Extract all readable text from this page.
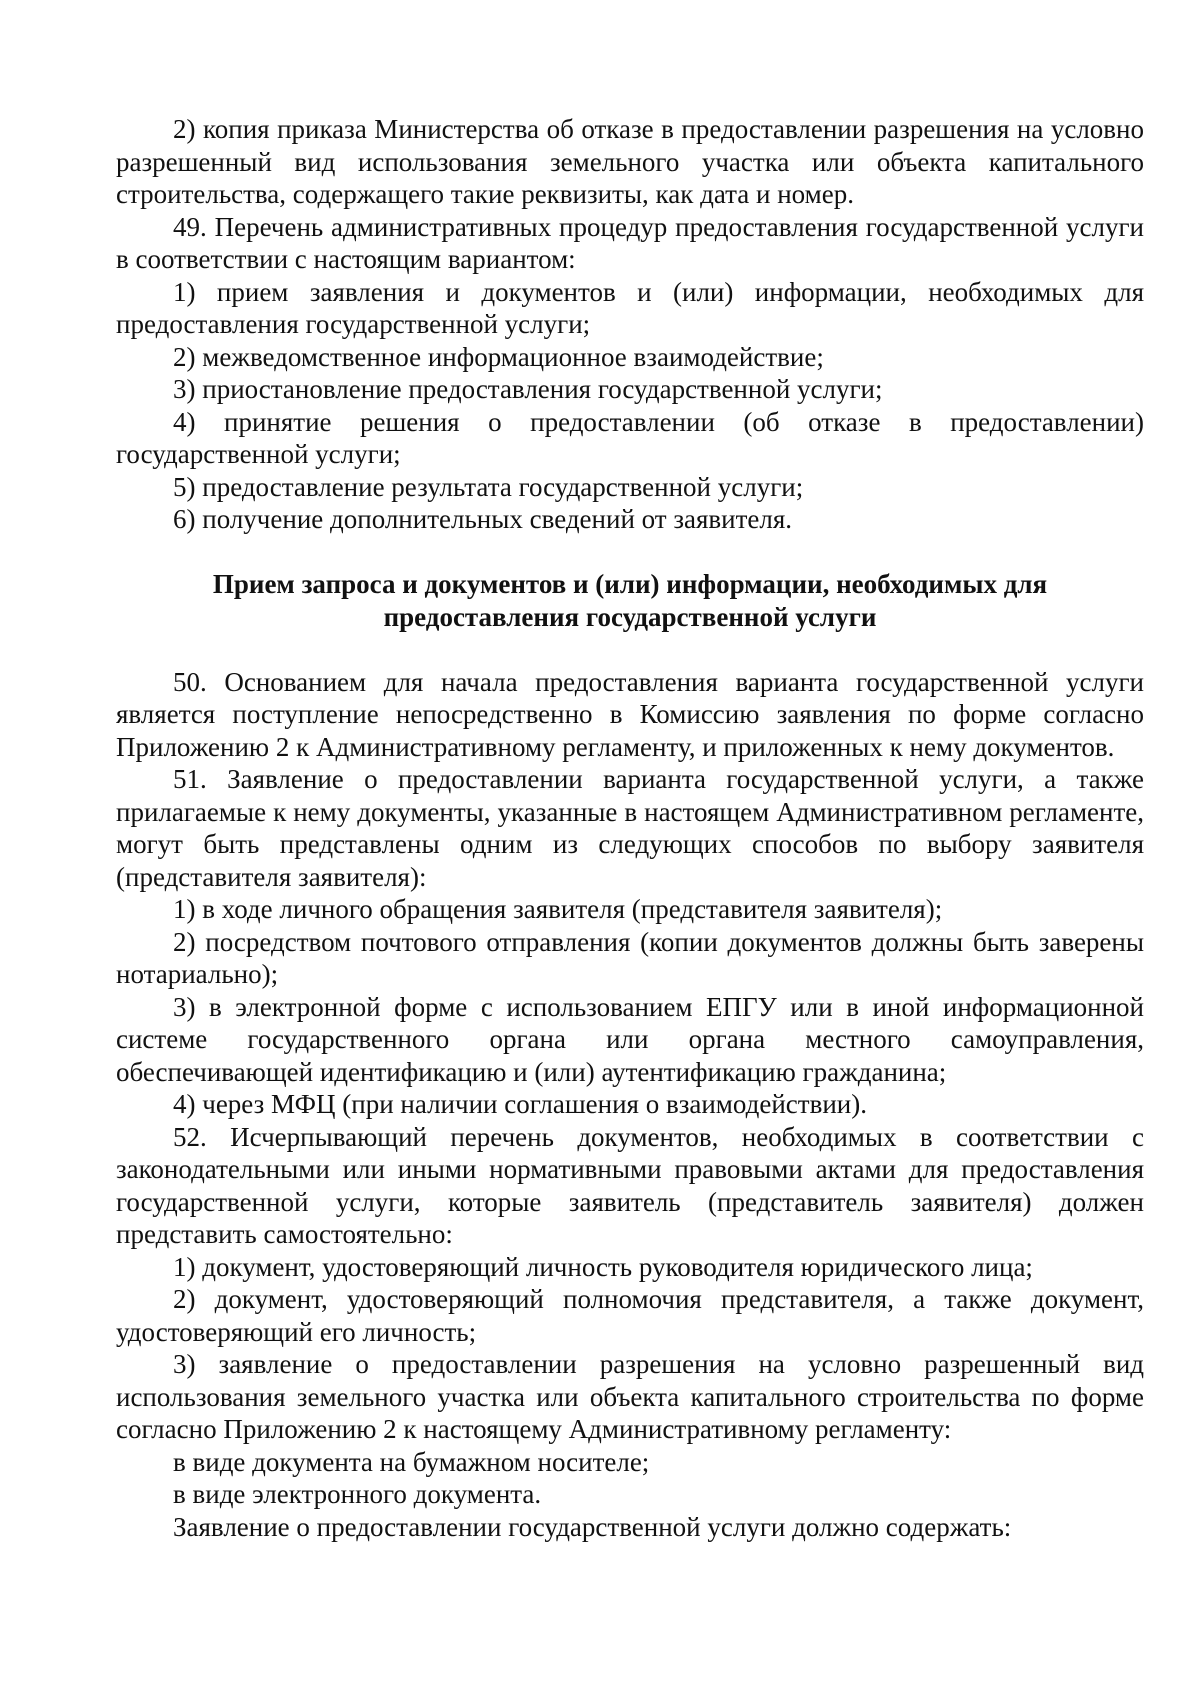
2) копия приказа Министерства об отказе в предоставлении разрешения на условно разрешенный вид использования земельного участка или объекта капитального строительства, содержащего такие реквизиты, как дата и номер.

49. Перечень административных процедур предоставления государственной услуги в соответствии с настоящим вариантом:

1) прием заявления и документов и (или) информации, необходимых для предоставления государственной услуги;

2) межведомственное информационное взаимодействие;

3) приостановление предоставления государственной услуги;

4) принятие решения о предоставлении (об отказе в предоставлении) государственной услуги;

5) предоставление результата государственной услуги;

6) получение дополнительных сведений от заявителя.

Прием запроса и документов и (или) информации, необходимых для
предоставления государственной услуги

50. Основанием для начала предоставления варианта государственной услуги является поступление непосредственно в Комиссию заявления по форме согласно Приложению 2 к Административному регламенту, и приложенных к нему документов.

51. Заявление о предоставлении варианта государственной услуги, а также прилагаемые к нему документы, указанные в настоящем Административном регламенте, могут быть представлены одним из следующих способов по выбору заявителя (представителя заявителя):

1) в ходе личного обращения заявителя (представителя заявителя);

2) посредством почтового отправления (копии документов должны быть заверены нотариально);

3) в электронной форме с использованием ЕПГУ или в иной информационной системе государственного органа или органа местного самоуправления, обеспечивающей идентификацию и (или) аутентификацию гражданина;

4) через МФЦ (при наличии соглашения о взаимодействии).

52. Исчерпывающий перечень документов, необходимых в соответствии с законодательными или иными нормативными правовыми актами для предоставления государственной услуги, которые заявитель (представитель заявителя) должен представить самостоятельно:

1) документ, удостоверяющий личность руководителя юридического лица;

2) документ, удостоверяющий полномочия представителя, а также документ, удостоверяющий его личность;

3) заявление о предоставлении разрешения на условно разрешенный вид использования земельного участка или объекта капитального строительства по форме согласно Приложению 2 к настоящему Административному регламенту:

в виде документа на бумажном носителе;

в виде электронного документа.

Заявление о предоставлении государственной услуги должно содержать:
